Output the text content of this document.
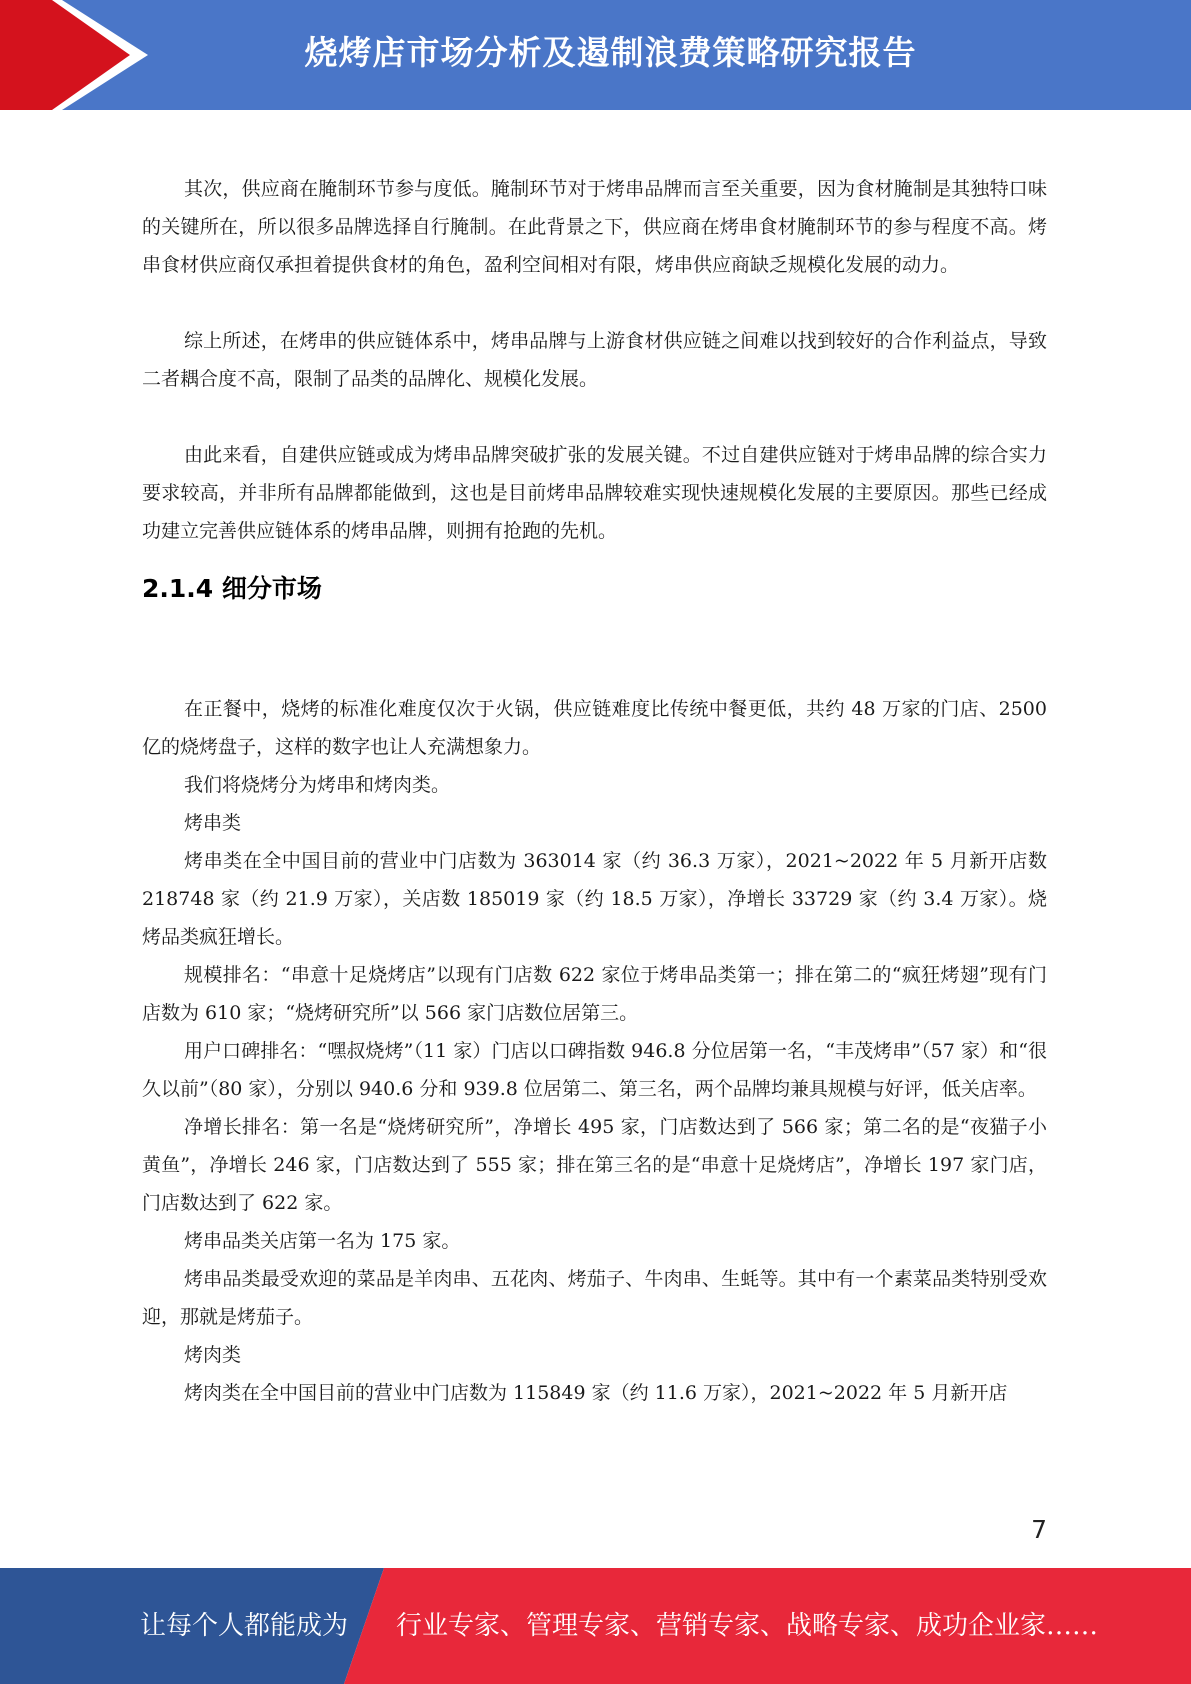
烧烤店市场分析及遏制浪费策略研究报告

其次，供应商在腌制环节参与度低。腌制环节对于烤串品牌而言至关重要，因为食材腌制是其独特口味的关键所在，所以很多品牌选择自行腌制。在此背景之下，供应商在烤串食材腌制环节的参与程度不高。烤串食材供应商仅承担着提供食材的角色，盈利空间相对有限，烤串供应商缺乏规模化发展的动力。

综上所述，在烤串的供应链体系中，烤串品牌与上游食材供应链之间难以找到较好的合作利益点，导致二者耦合度不高，限制了品类的品牌化、规模化发展。

由此来看，自建供应链或成为烤串品牌突破扩张的发展关键。不过自建供应链对于烤串品牌的综合实力要求较高，并非所有品牌都能做到，这也是目前烤串品牌较难实现快速规模化发展的主要原因。那些已经成功建立完善供应链体系的烤串品牌，则拥有抢跑的先机。

2.1.4 细分市场

在正餐中，烧烤的标准化难度仅次于火锅，供应链难度比传统中餐更低，共约 48 万家的门店、2500 亿的烧烤盘子，这样的数字也让人充满想象力。

我们将烧烤分为烤串和烤肉类。

烤串类

烤串类在全中国目前的营业中门店数为 363014 家（约 36.3 万家），2021~2022 年 5 月新开店数 218748 家（约 21.9 万家），关店数 185019 家（约 18.5 万家），净增长 33729 家（约 3.4 万家）。烧烤品类疯狂增长。

规模排名：“串意十足烧烤店”以现有门店数 622 家位于烤串品类第一；排在第二的“疯狂烤翅”现有门店数为 610 家；“烧烤研究所”以 566 家门店数位居第三。

用户口碑排名：“嘿叔烧烤”（11 家）门店以口碑指数 946.8 分位居第一名，“丰茂烤串”（57 家）和“很久以前”（80 家），分别以 940.6 分和 939.8 位居第二、第三名，两个品牌均兼具规模与好评，低关店率。

净增长排名：第一名是“烧烤研究所”，净增长 495 家，门店数达到了 566 家；第二名的是“夜猫子小黄鱼”，净增长 246 家，门店数达到了 555 家；排在第三名的是“串意十足烧烤店”，净增长 197 家门店，门店数达到了 622 家。

烤串品类关店第一名为 175 家。

烤串品类最受欢迎的菜品是羊肉串、五花肉、烤茄子、牛肉串、生蚝等。其中有一个素菜品类特别受欢迎，那就是烤茄子。

烤肉类

烤肉类在全中国目前的营业中门店数为 115849 家（约 11.6 万家），2021~2022 年 5 月新开店

7
让每个人都能成为 行业专家、管理专家、营销专家、战略专家、成功企业家……
